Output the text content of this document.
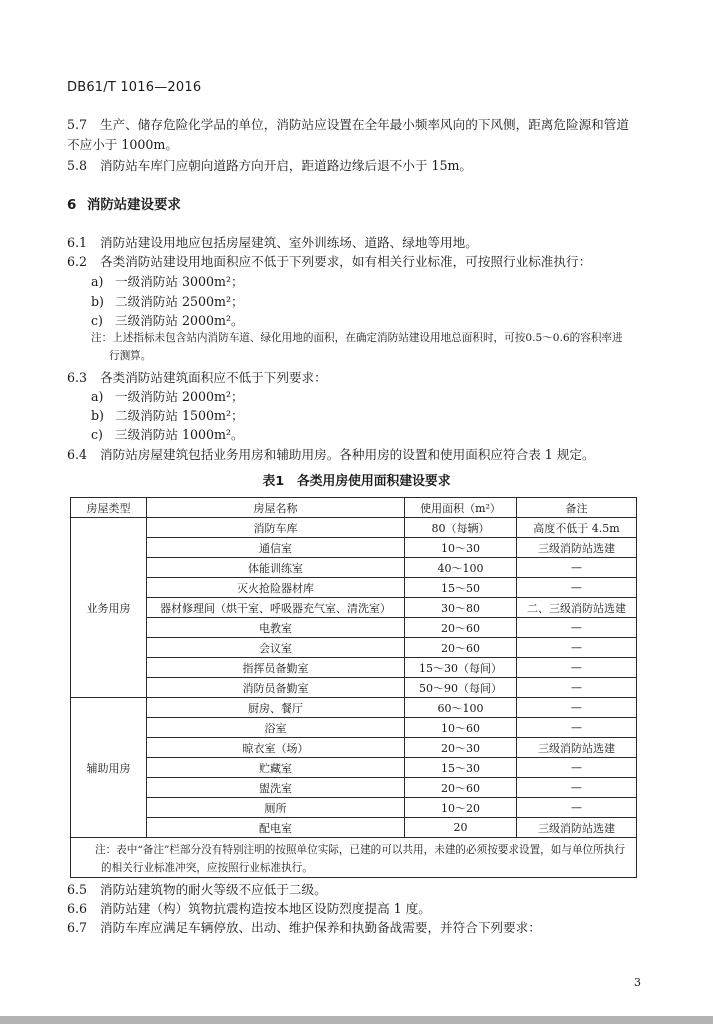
DB61/T 1016—2016
5.7 生产、储存危险化学品的单位，消防站应设置在全年最小频率风向的下风侧，距离危险源和管道
不应小于 1000m。
5.8 消防站车库门应朝向道路方向开启，距道路边缘后退不小于 15m。
6 消防站建设要求
6.1 消防站建设用地应包括房屋建筑、室外训练场、道路、绿地等用地。
6.2 各类消防站建设用地面积应不低于下列要求，如有相关行业标准，可按照行业标准执行：
a) 一级消防站 3000m²；
b) 二级消防站 2500m²；
c) 三级消防站 2000m²。
注：上述指标未包含站内消防车道、绿化用地的面积，在确定消防站建设用地总面积时，可按0.5～0.6的容积率进
行测算。
6.3 各类消防站建筑面积应不低于下列要求：
a) 一级消防站 2000m²；
b) 二级消防站 1500m²；
c) 三级消防站 1000m²。
6.4 消防站房屋建筑包括业务用房和辅助用房。各种用房的设置和使用面积应符合表 1 规定。
表1　各类用房使用面积建设要求
房屋类型	房屋名称	使用面积（m²）	备注
业务用房	消防车库	80（每辆）	高度不低于 4.5m
	通信室	10～30	三级消防站选建
	体能训练室	40～100	—
	灭火抢险器材库	15～50	—
	器材修理间（烘干室、呼吸器充气室、清洗室）	30～80	二、三级消防站选建
	电教室	20～60	—
	会议室	20～60	—
	指挥员备勤室	15～30（每间）	—
	消防员备勤室	50～90（每间）	—
辅助用房	厨房、餐厅	60～100	—
	浴室	10～60	—
	晾衣室（场）	20～30	三级消防站选建
	贮藏室	15～30	—
	盥洗室	20～60	—
	厕所	10～20	—
	配电室	20	三级消防站选建
注：表中“备注”栏部分没有特别注明的按照单位实际，已建的可以共用，未建的必须按要求设置，如与单位所执行的相关行业标准冲突，应按照行业标准执行。			
6.5 消防站建筑物的耐火等级不应低于二级。
6.6 消防站建（构）筑物抗震构造按本地区设防烈度提高 1 度。
6.7 消防车库应满足车辆停放、出动、维护保养和执勤备战需要，并符合下列要求：
3
